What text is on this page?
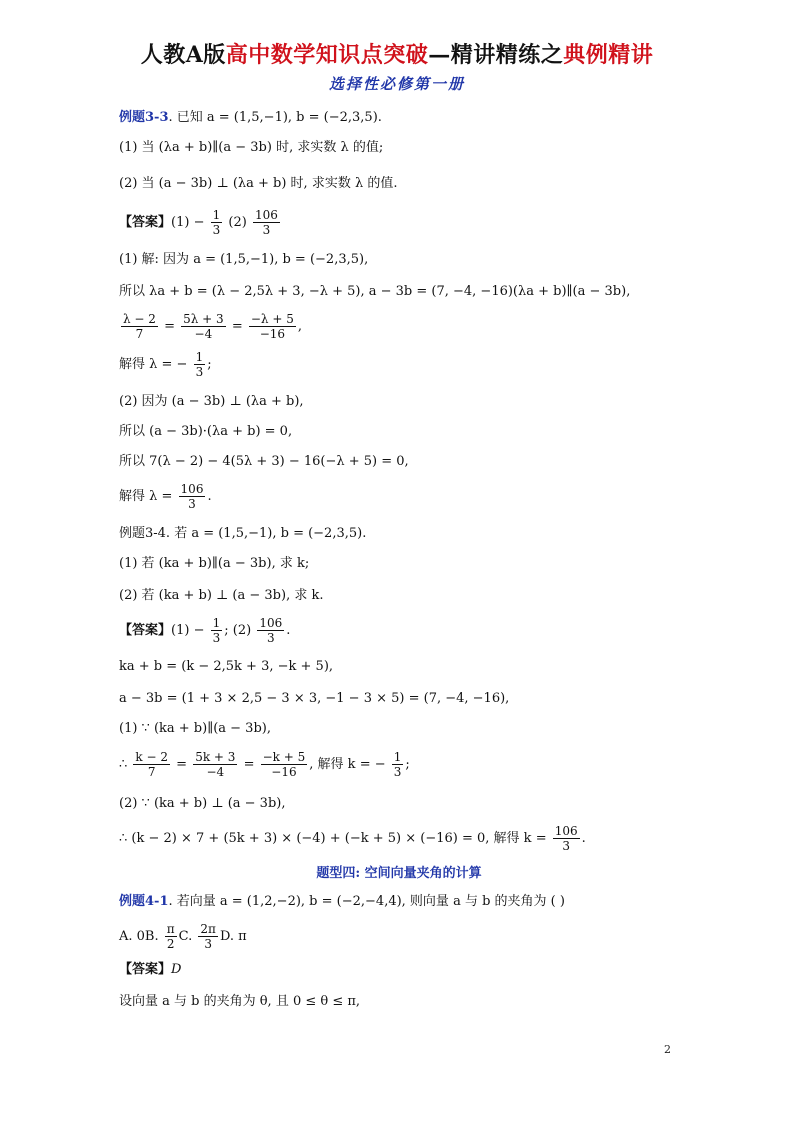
人教A版高中数学知识点突破—精讲精练之典例精讲
选择性必修第一册
例题3-3. 已知 a = (1,5,−1), b = (−2,3,5).
(1) 当 (λa + b)∥(a − 3b) 时, 求实数 λ 的值;
(2) 当 (a − 3b) ⊥ (λa + b) 时, 求实数 λ 的值.
【答案】$(1) - \frac{1}{3} (2) \frac{106}{3}$
(1) 解: 因为 a = (1,5,−1), b = (−2,3,5),
所以 λa + b = (λ − 2,5λ + 3, −λ + 5), a − 3b = (7, −4, −16)(λa + b)∥(a − 3b),
$\frac{\lambda - 2}{7} = \frac{5\lambda + 3}{-4} = \frac{-\lambda + 5}{-16}$ ,
解得 λ = − $\frac{1}{3}$ ;
(2) 因为 (a − 3b) ⊥ (λa + b),
所以 (a − 3b)·(λa + b) = 0,
所以 7(λ − 2) − 4(5λ + 3) − 16(−λ + 5) = 0,
解得 $\lambda = \frac{106}{3}$ .
例题3-4. 若 a = (1,5,−1), b = (−2,3,5).
(1) 若 (ka + b)∥(a − 3b), 求 k;
(2) 若 (ka + b) ⊥ (a − 3b), 求 k.
【答案】$(1) - \frac{1}{3}$ ; $(2) \frac{106}{3}$ .
ka + b = (k − 2,5k + 3, −k + 5),
a − 3b = (1 + 3 × 2,5 − 3 × 3, −1 − 3 × 5) = (7, −4, −16),
(1) ∵ (ka + b)∥(a − 3b),
∴ $\frac{k - 2}{7} = \frac{5k + 3}{-4} = \frac{-k + 5}{-16}$ , 解得 k = − $\frac{1}{3}$ ;
(2) ∵ (ka + b) ⊥ (a − 3b),
∴ (k − 2) × 7 + (5k + 3) × (−4) + (−k + 5) × (−16) = 0, 解得 $k = \frac{106}{3}$ .
题型四: 空间向量夹角的计算
例题4-1. 若向量 a = (1,2,−2), b = (−2,−4,4), 则向量 a 与 b 的夹角为 ( )
A. 0B. $\frac{\pi}{2} C$. $\frac{2\pi}{3} D$. π
【答案】D
设向量 a 与 b 的夹角为 θ, 且 0 ≤ θ ≤ π,
2
